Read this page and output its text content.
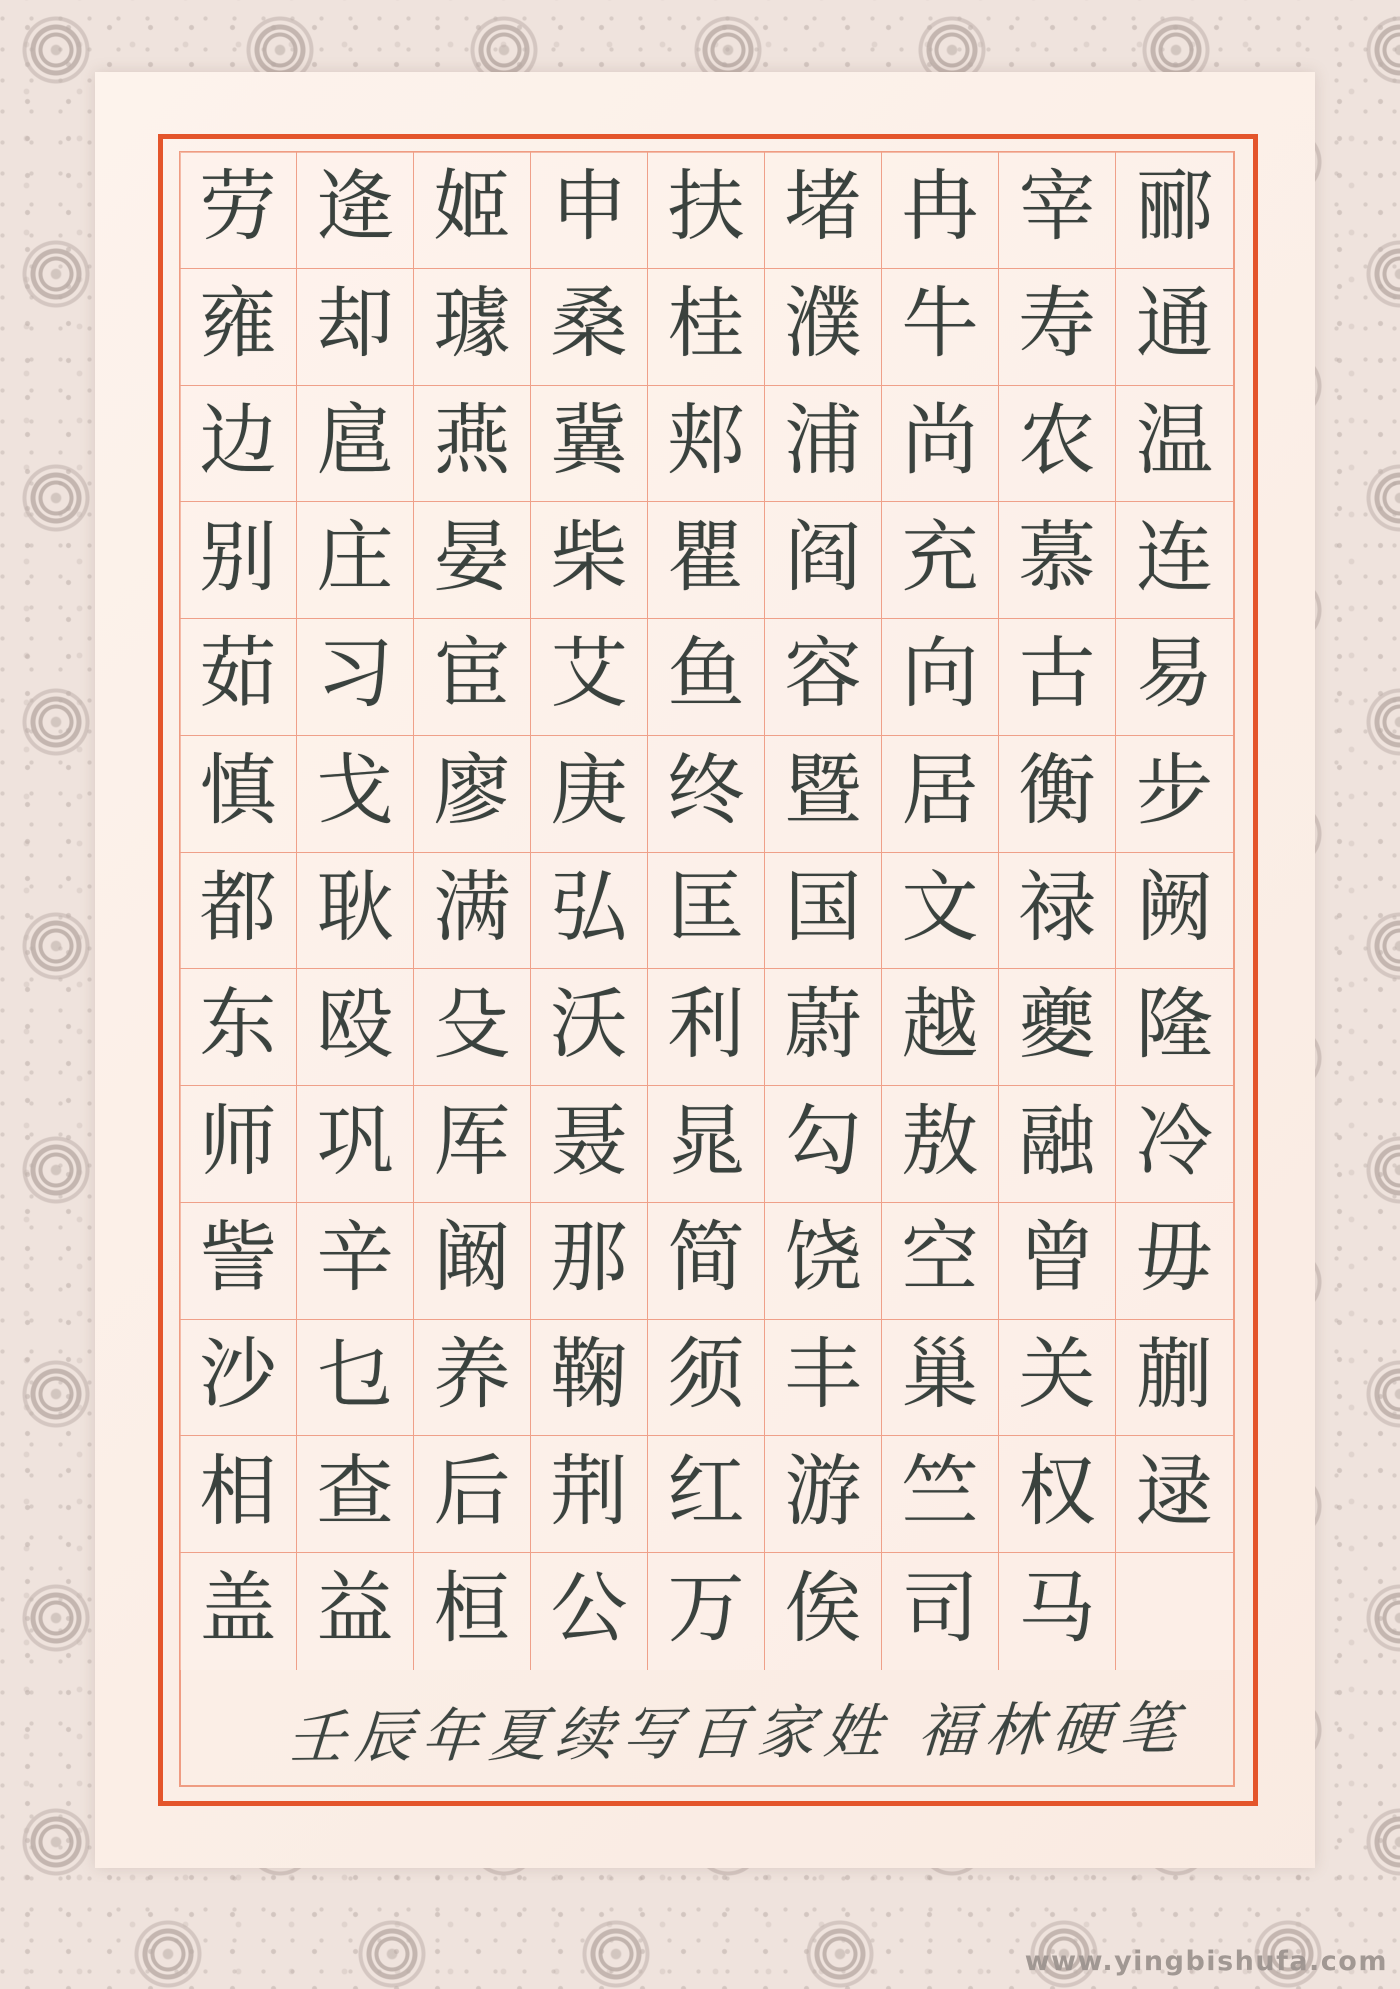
劳 逄 姬 申 扶 堵 冉 宰 郦
雍 却 璩 桑 桂 濮 牛 寿 通
边 扈 燕 冀 郏 浦 尚 农 温
别 庄 晏 柴 瞿 阎 充 慕 连
茹 习 宦 艾 鱼 容 向 古 易
慎 戈 廖 庚 终 暨 居 衡 步
都 耿 满 弘 匡 国 文 禄 阙
东 殴 殳 沃 利 蔚 越 夔 隆
师 巩 厍 聂 晁 勾 敖 融 冷
訾 辛 阚 那 简 饶 空 曾 毋
沙 乜 养 鞠 须 丰 巢 关 蒯
相 查 后 荆 红 游 竺 权 逯
盖 益 桓 公 万 俟 司 马
壬辰年夏续写百家姓 福林硬笔
www.yingbishufa.com
